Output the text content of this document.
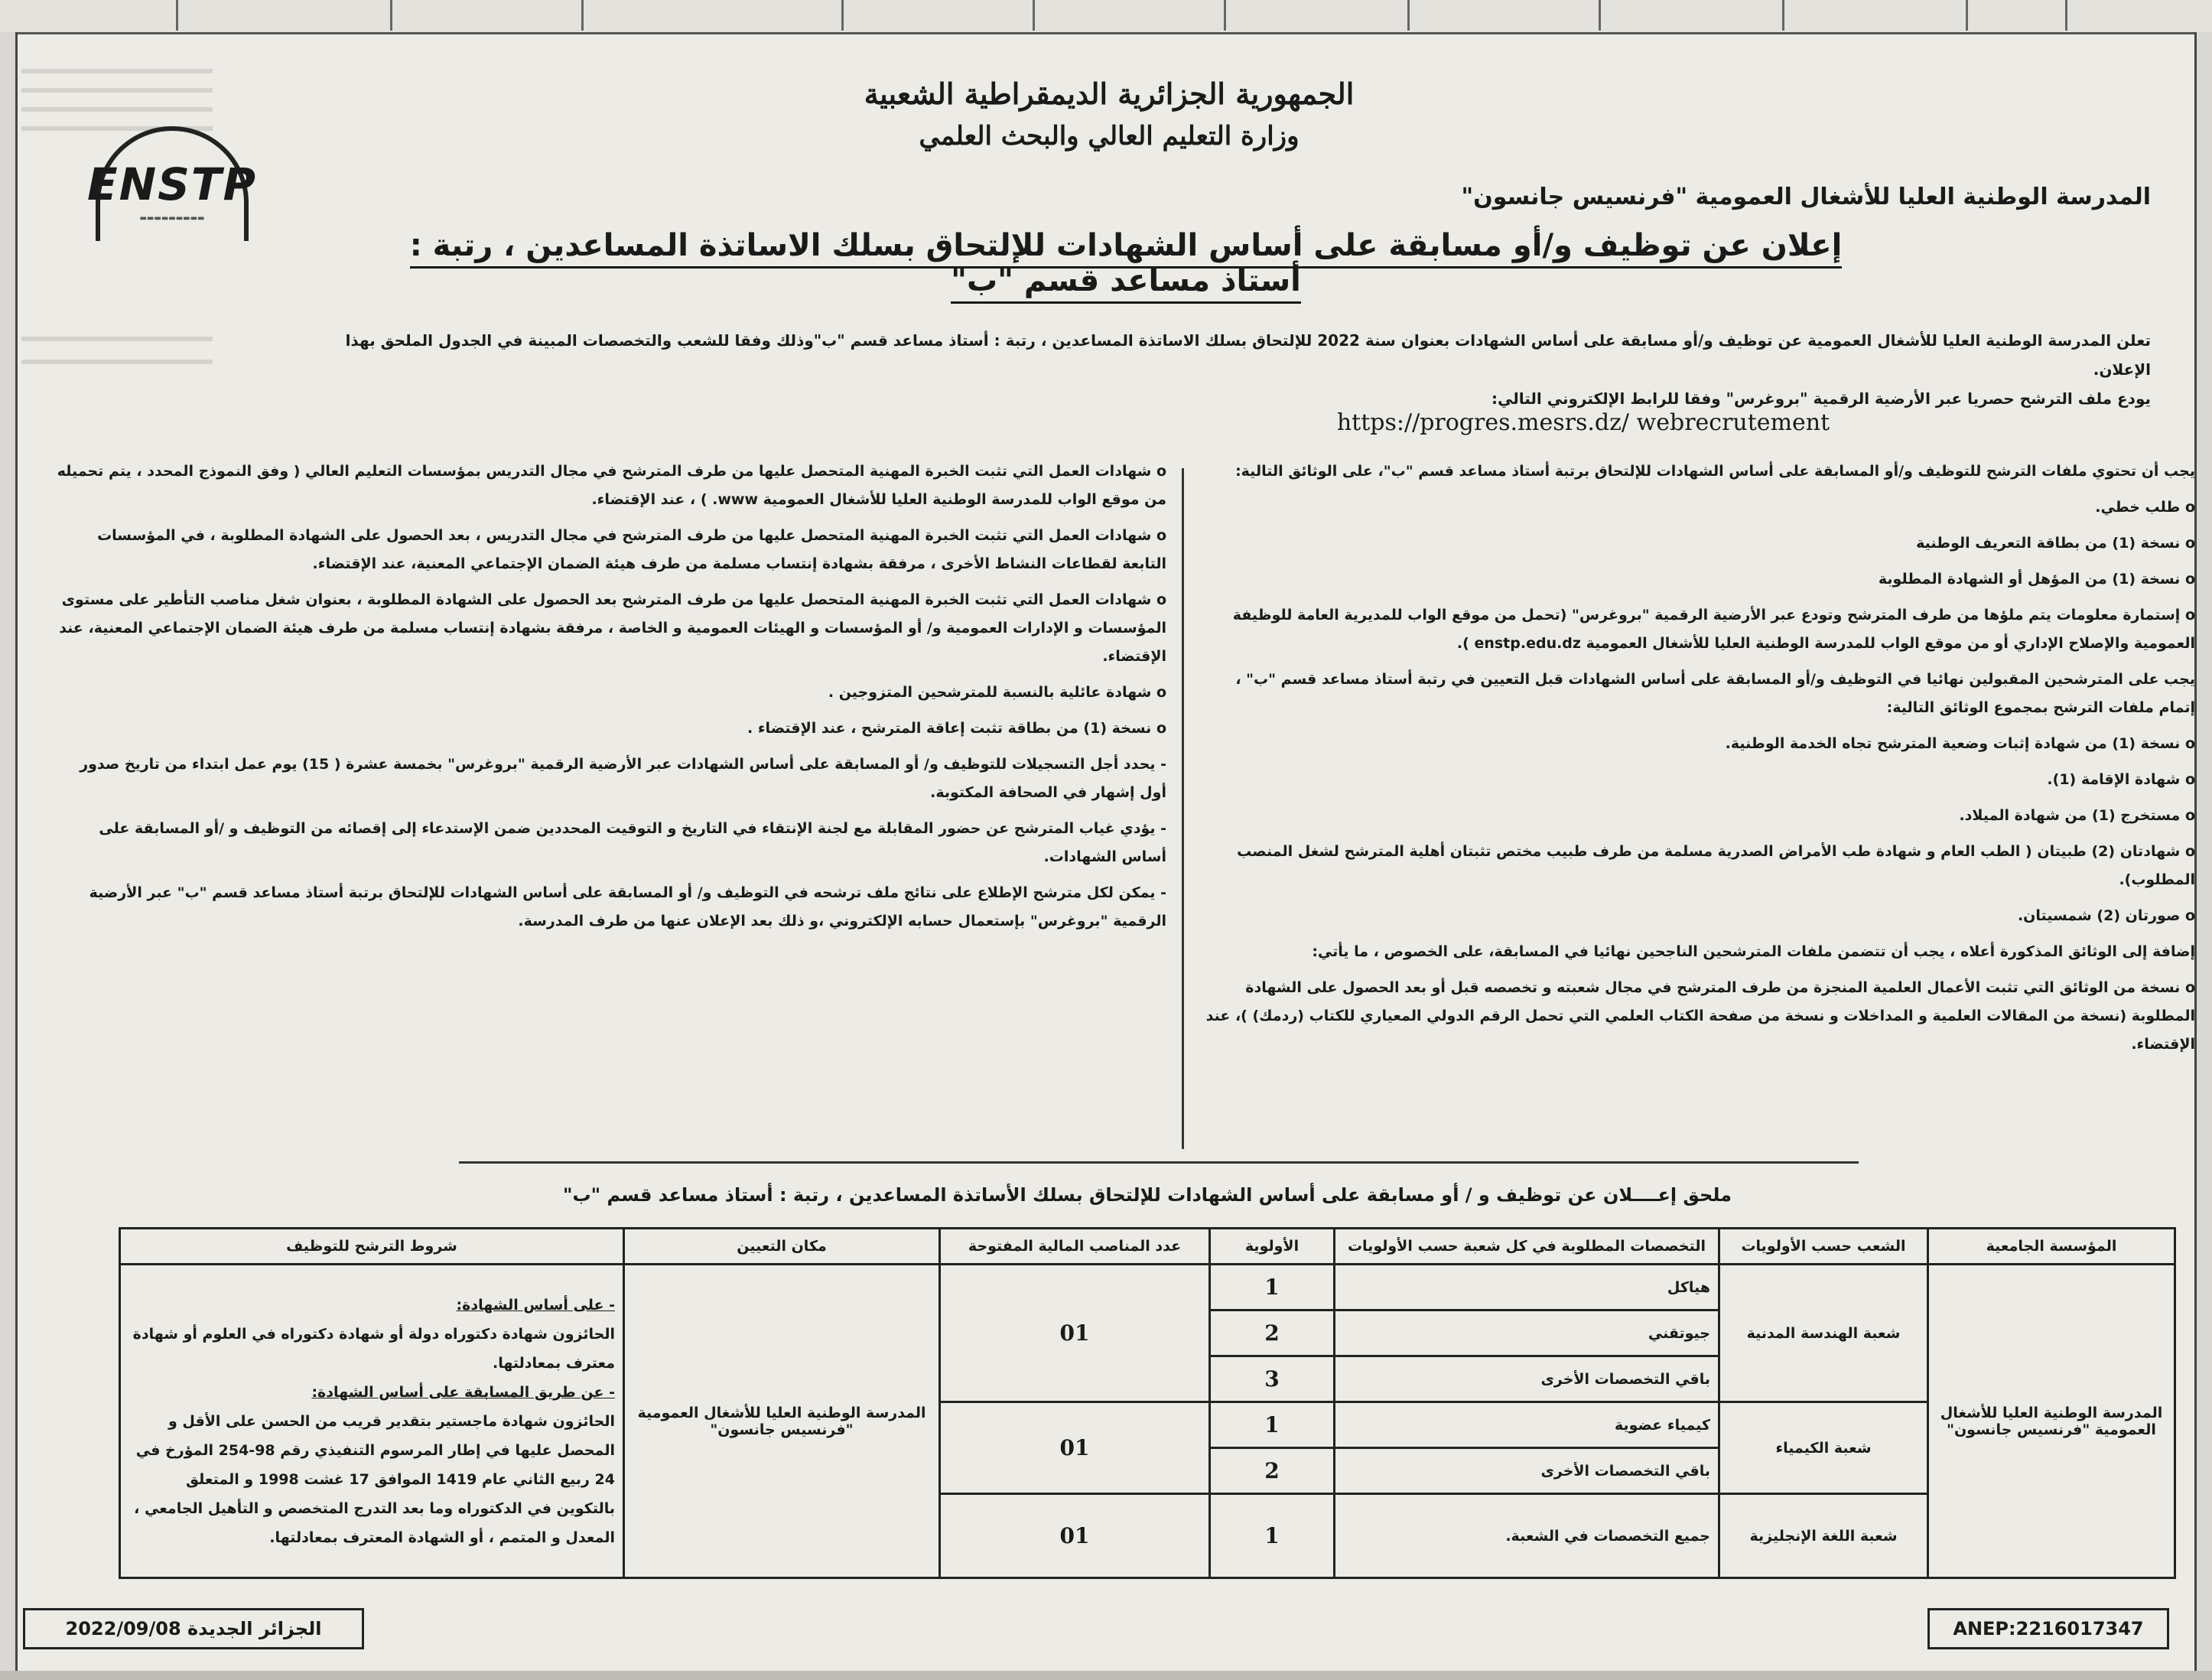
الجمهورية الجزائرية الديمقراطية الشعبية
وزارة التعليم العالي والبحث العلمي
ENSTP
▬▬▬▬▬▬▬▬▬
المدرسة الوطنية العليا للأشغال العمومية "فرنسيس جانسون"
إعلان عن توظيف و/أو مسابقة على أساس الشهادات للإلتحاق بسلك الاساتذة المساعدين ، رتبة : أستاذ مساعد قسم "ب"
تعلن المدرسة الوطنية العليا للأشغال العمومية عن توظيف و/أو مسابقة على أساس الشهادات بعنوان سنة 2022 للإلتحاق بسلك الاساتذة المساعدين ، رتبة : أستاذ مساعد قسم "ب"وذلك وفقا للشعب والتخصصات المبينة في الجدول الملحق بهذا الإعلان.
يودع ملف الترشح حصريا عبر الأرضية الرقمية "بروغرس" وفقا للرابط الإلكتروني التالي:
https://progres.mesrs.dz/ webrecrutement

يجب أن تحتوي ملفات الترشح للتوظيف و/أو المسابقة على أساس الشهادات للإلتحاق برتبة أستاذ مساعد قسم "ب"، على الوثائق التالية:

o طلب خطي.

o نسخة (1) من بطاقة التعريف الوطنية

o نسخة (1) من المؤهل أو الشهادة المطلوبة

o إستمارة معلومات يتم ملؤها من طرف المترشح وتودع عبر الأرضية الرقمية "بروغرس" (تحمل من موقع الواب للمديرية العامة للوظيفة العمومية والإصلاح الإداري أو من موقع الواب للمدرسة الوطنية العليا للأشغال العمومية enstp.edu.dz ).

يجب على المترشحين المقبولين نهائيا في التوظيف و/أو المسابقة على أساس الشهادات قبل التعيين في رتبة أستاذ مساعد قسم "ب" ، إتمام ملفات الترشح بمجموع الوثائق التالية:

o نسخة (1) من شهادة إثبات وضعية المترشح تجاه الخدمة الوطنية.

o شهادة الإقامة (1).

o مستخرج (1) من شهادة الميلاد.

o شهادتان (2) طبيتان ( الطب العام و شهادة طب الأمراض الصدرية مسلمة من طرف طبيب مختص تثبتان أهلية المترشح لشغل المنصب المطلوب).

o صورتان (2) شمسيتان.

إضافة إلى الوثائق المذكورة أعلاه ، يجب أن تتضمن ملفات المترشحين الناجحين نهائيا في المسابقة، على الخصوص ، ما يأتي:

o نسخة من الوثائق التي تثبت الأعمال العلمية المنجزة من طرف المترشح في مجال شعبته و تخصصه قبل أو بعد الحصول على الشهادة المطلوبة (نسخة من المقالات العلمية و المداخلات و نسخة من صفحة الكتاب العلمي التي تحمل الرقم الدولي المعياري للكتاب (ردمك) )، عند الإقتضاء.

o شهادات العمل التي تثبت الخبرة المهنية المتحصل عليها من طرف المترشح في مجال التدريس بمؤسسات التعليم العالي ( وفق النموذج المحدد ، يتم تحميله من موقع الواب للمدرسة الوطنية العليا للأشغال العمومية www. ) ، عند الإقتضاء.

o شهادات العمل التي تثبت الخبرة المهنية المتحصل عليها من طرف المترشح في مجال التدريس ، بعد الحصول على الشهادة المطلوبة ، في المؤسسات التابعة لقطاعات النشاط الأخرى ، مرفقة بشهادة إنتساب مسلمة من طرف هيئة الضمان الإجتماعي المعنية، عند الإقتضاء.

o شهادات العمل التي تثبت الخبرة المهنية المتحصل عليها من طرف المترشح بعد الحصول على الشهادة المطلوبة ، بعنوان شغل مناصب التأطير على مستوى المؤسسات و الإدارات العمومية و/ أو المؤسسات و الهيئات العمومية و الخاصة ، مرفقة بشهادة إنتساب مسلمة من طرف هيئة الضمان الإجتماعي المعنية، عند الإقتضاء.

o شهادة عائلية بالنسبة للمترشحين المتزوجين .

o نسخة (1) من بطاقة تثبت إعاقة المترشح ، عند الإقتضاء .

- يحدد أجل التسجيلات للتوظيف و/ أو المسابقة على أساس الشهادات عبر الأرضية الرقمية "بروغرس" بخمسة عشرة ( 15) يوم عمل ابتداء من تاريخ صدور أول إشهار في الصحافة المكتوبة.

- يؤدي غياب المترشح عن حضور المقابلة مع لجنة الإنتقاء في التاريخ و التوقيت المحددين ضمن الإستدعاء إلى إقصائه من التوظيف و /أو المسابقة على أساس الشهادات.

- يمكن لكل مترشح الإطلاع على نتائج ملف ترشحه في التوظيف و/ أو المسابقة على أساس الشهادات للإلتحاق برتبة أستاذ مساعد قسم "ب" عبر الأرضية الرقمية "بروغرس" بإستعمال حسابه الإلكتروني ،و ذلك بعد الإعلان عنها من طرف المدرسة.

ملحق إعــــلان عن توظيف و / أو مسابقة على أساس الشهادات للإلتحاق بسلك الأساتذة المساعدين ، رتبة : أستاذ مساعد قسم "ب"
المؤسسة الجامعية	الشعب حسب الأولويات	التخصصات المطلوبة في كل شعبة حسب الأولويات	الأولوية	عدد المناصب المالية المفتوحة	مكان التعيين	شروط الترشح للتوظيف
المدرسة الوطنية العليا للأشغال العمومية "فرنسيس جانسون"	شعبة الهندسة المدنية	هياكل	1	01	المدرسة الوطنية العليا للأشغال العمومية "فرنسيس جانسون"	- على أساس الشهادة:
الحائزون شهادة دكتوراه دولة أو شهادة دكتوراه في العلوم أو شهادة معترف بمعادلتها.
- عن طريق المسابقة على أساس الشهادة:
الحائزون شهادة ماجستير بتقدير قريب من الحسن على الأقل و المحصل عليها في إطار المرسوم التنفيذي رقم 98-254 المؤرخ في 24 ربيع الثاني عام 1419 الموافق 17 غشت 1998 و المتعلق بالتكوين في الدكتوراه وما بعد التدرج المتخصص و التأهيل الجامعي ، المعدل و المتمم ، أو الشهادة المعترف بمعادلتها.

		جيوتقني	2			
		باقي التخصصات الأخرى	3			
	شعبة الكيمياء	كيمياء عضوية	1	01		
		باقي التخصصات الأخرى	2			
	شعبة اللغة الإنجليزية	جميع التخصصات في الشعبة.	1	01		
2022/09/08 الجزائر الجديدة	ANEP:2216017347
